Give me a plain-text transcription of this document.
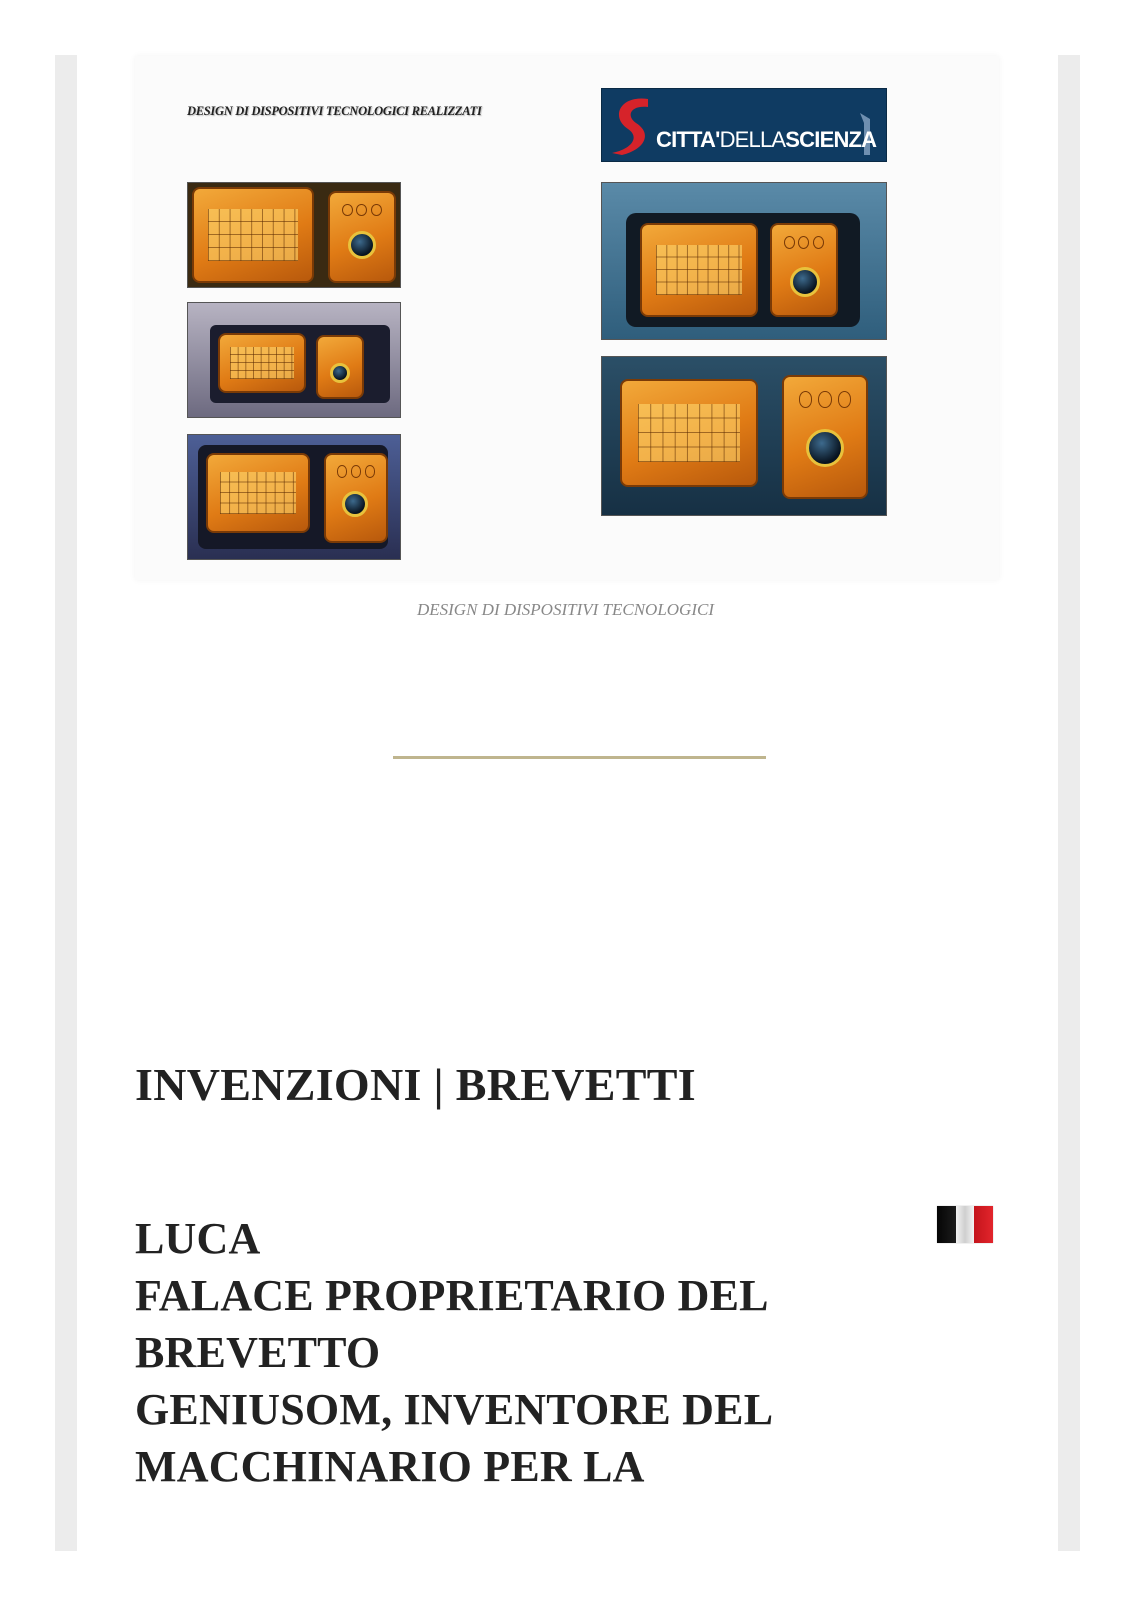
DESIGN DI DISPOSITIVI TECNOLOGICI REALIZZATI
CITTA'DELLASCIENZA
DESIGN DI DISPOSITIVI TECNOLOGICI
INVENZIONI | BREVETTI
LUCA
FALACE PROPRIETARIO DEL
BREVETTO
GENIUSOM, INVENTORE DEL
MACCHINARIO PER LA
